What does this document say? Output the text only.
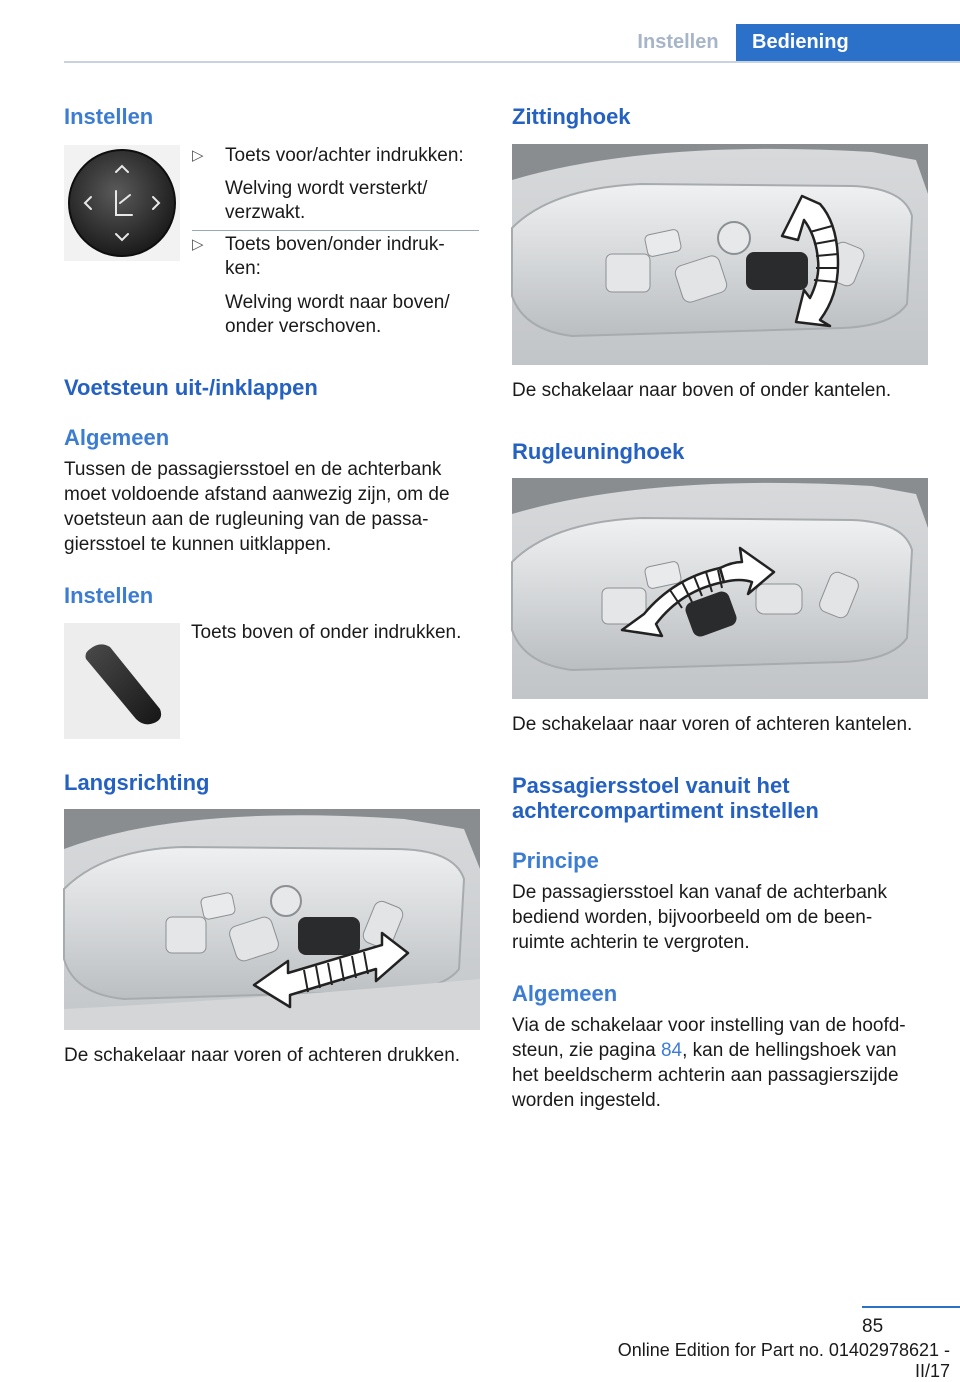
Instellen	Bediening
Instellen
▷ Toets voor/achter indrukken:
Welving wordt versterkt/
verzwakt.
▷ Toets boven/onder indruk-
ken:
Welving wordt naar boven/
onder verschoven.
Voetsteun uit-/inklappen
Algemeen
Tussen de passagiersstoel en de achterbank
moet voldoende afstand aanwezig zijn, om de
voetsteun aan de rugleuning van de passa-
giersstoel te kunnen uitklappen.
Instellen
Toets boven of onder indrukken.
Langsrichting
De schakelaar naar voren of achteren drukken.
Zittinghoek
De schakelaar naar boven of onder kantelen.
Rugleuninghoek
De schakelaar naar voren of achteren kantelen.
Passagiersstoel vanuit het
achtercompartiment instellen
Principe
De passagiersstoel kan vanaf de achterbank
bediend worden, bijvoorbeeld om de been-
ruimte achterin te vergroten.
Algemeen
Via de schakelaar voor instelling van de hoofd-
steun, zie pagina 84, kan de hellingshoek van
het beeldscherm achterin aan passagierszijde
worden ingesteld.
85
Online Edition for Part no. 01402978621 - II/17
